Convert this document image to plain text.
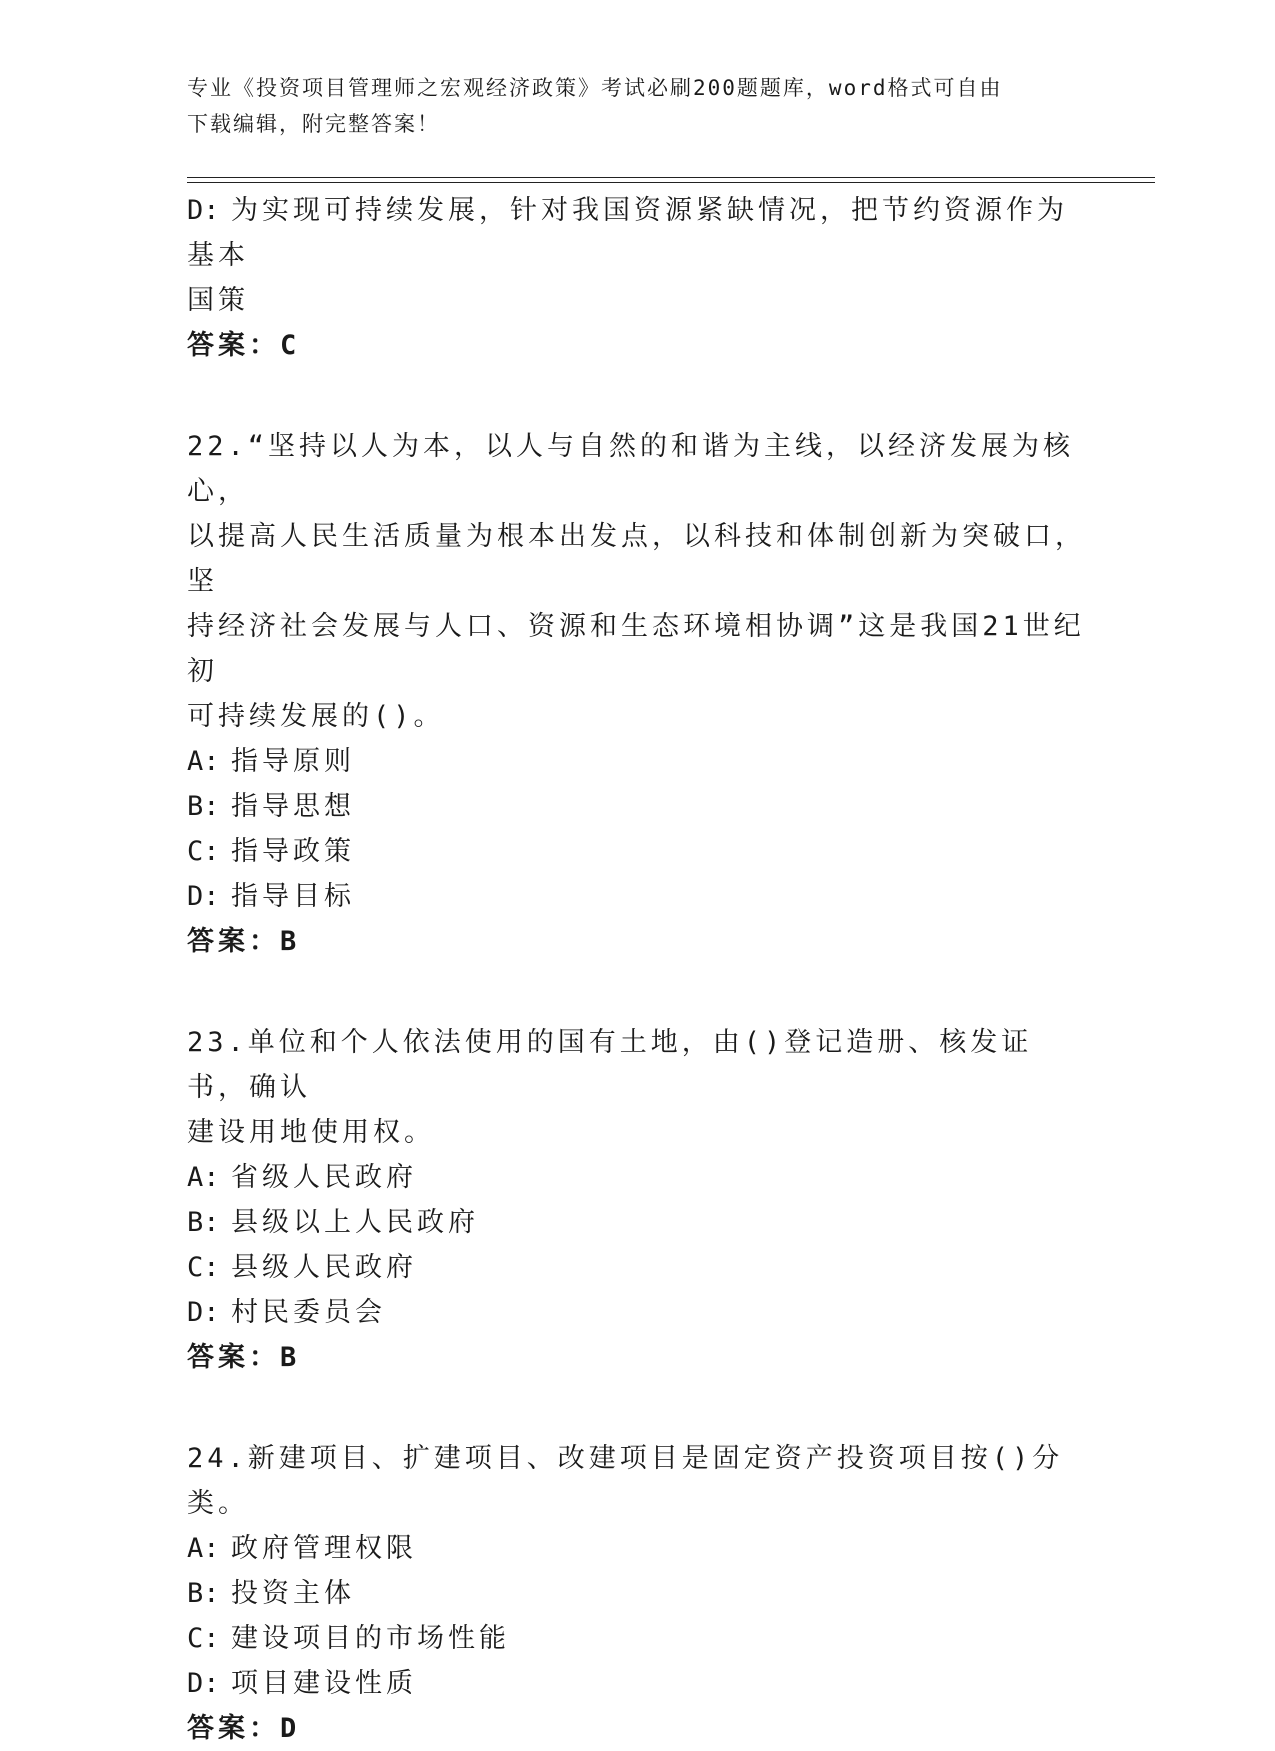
专业《投资项目管理师之宏观经济政策》考试必刷200题题库，word格式可自由
下载编辑，附完整答案！

D: 为实现可持续发展，针对我国资源紧缺情况，把节约资源作为基本

国策

答案：C

22.“坚持以人为本，以人与自然的和谐为主线，以经济发展为核心，

以提高人民生活质量为根本出发点，以科技和体制创新为突破口，坚

持经济社会发展与人口、资源和生态环境相协调”这是我国21世纪初

可持续发展的()。

A: 指导原则

B: 指导思想

C: 指导政策

D: 指导目标

答案：B

23.单位和个人依法使用的国有土地，由()登记造册、核发证书，确认

建设用地使用权。

A: 省级人民政府

B: 县级以上人民政府

C: 县级人民政府

D: 村民委员会

答案：B

24.新建项目、扩建项目、改建项目是固定资产投资项目按()分类。

A: 政府管理权限

B: 投资主体

C: 建设项目的市场性能

D: 项目建设性质

答案：D
